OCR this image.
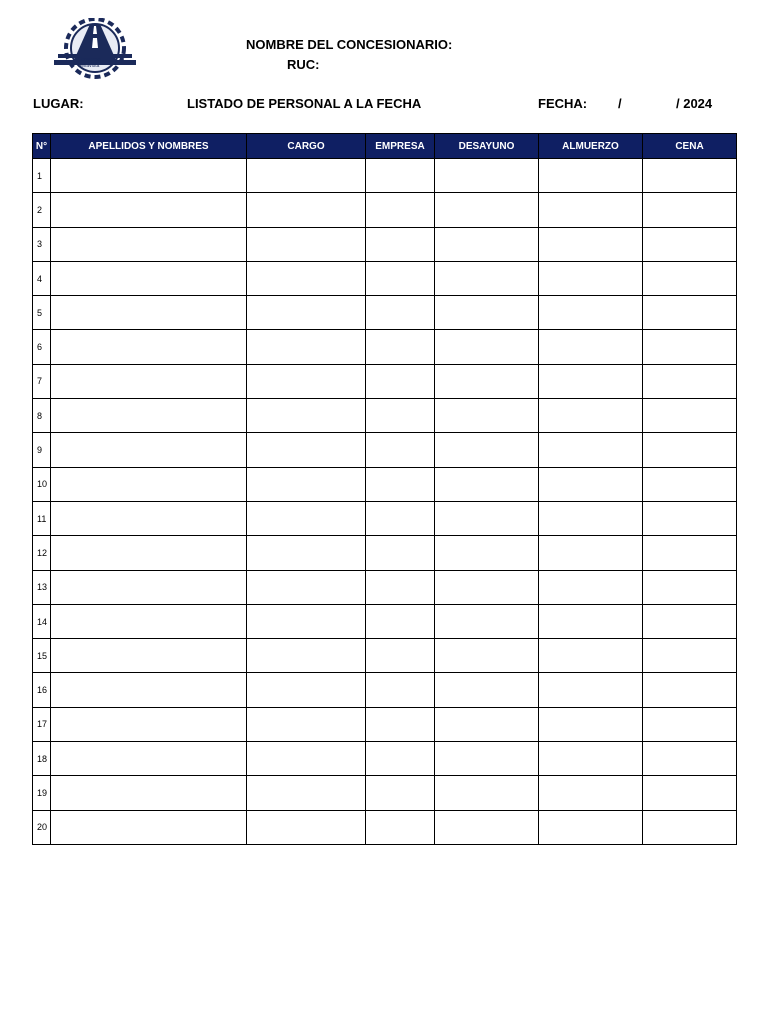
Consorcio
Bellavista
NOMBRE DEL CONCESIONARIO:
RUC:
LUGAR:	LISTADO DE PERSONAL A LA FECHA	FECHA: /	/ 2024
N°	APELLIDOS Y NOMBRES	CARGO	EMPRESA	DESAYUNO	ALMUERZO	CENA
1						
2						
3						
4						
5						
6						
7						
8						
9						
10						
11						
12						
13						
14						
15						
16						
17						
18						
19						
20						
